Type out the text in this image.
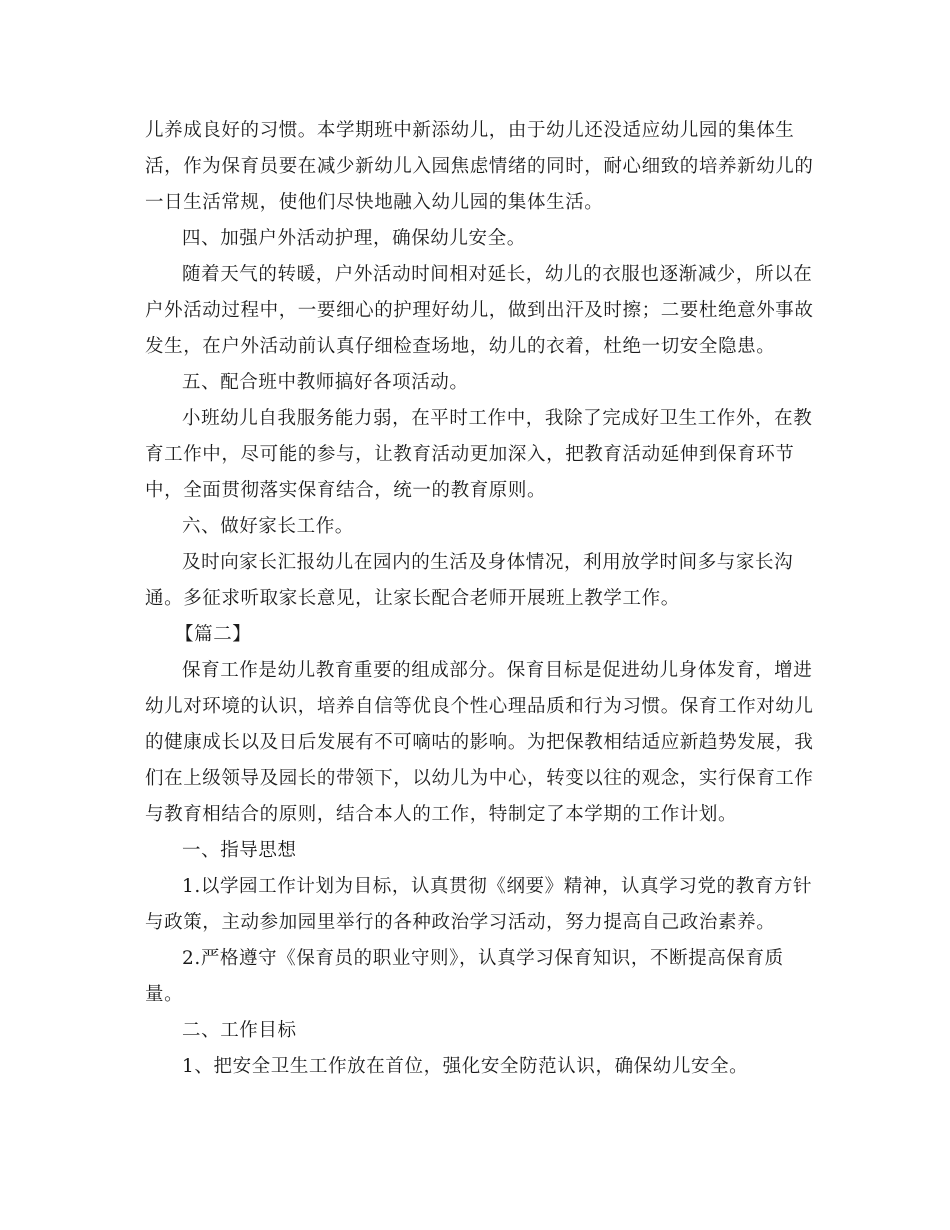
儿养成良好的习惯。本学期班中新添幼儿，由于幼儿还没适应幼儿园的集体生
活，作为保育员要在减少新幼儿入园焦虑情绪的同时，耐心细致的培养新幼儿的
一日生活常规，使他们尽快地融入幼儿园的集体生活。
四、加强户外活动护理，确保幼儿安全。
随着天气的转暖，户外活动时间相对延长，幼儿的衣服也逐渐减少，所以在
户外活动过程中，一要细心的护理好幼儿，做到出汗及时擦；二要杜绝意外事故
发生，在户外活动前认真仔细检查场地，幼儿的衣着，杜绝一切安全隐患。
五、配合班中教师搞好各项活动。
小班幼儿自我服务能力弱，在平时工作中，我除了完成好卫生工作外，在教
育工作中，尽可能的参与，让教育活动更加深入，把教育活动延伸到保育环节
中，全面贯彻落实保育结合，统一的教育原则。
六、做好家长工作。
及时向家长汇报幼儿在园内的生活及身体情况，利用放学时间多与家长沟
通。多征求听取家长意见，让家长配合老师开展班上教学工作。
【篇二】
保育工作是幼儿教育重要的组成部分。保育目标是促进幼儿身体发育，增进
幼儿对环境的认识，培养自信等优良个性心理品质和行为习惯。保育工作对幼儿
的健康成长以及日后发展有不可嘀咕的影响。为把保教相结适应新趋势发展，我
们在上级领导及园长的带领下，以幼儿为中心，转变以往的观念，实行保育工作
与教育相结合的原则，结合本人的工作，特制定了本学期的工作计划。
一、指导思想
1.以学园工作计划为目标，认真贯彻《纲要》精神，认真学习党的教育方针
与政策，主动参加园里举行的各种政治学习活动，努力提高自己政治素养。
2.严格遵守《保育员的职业守则》，认真学习保育知识，不断提高保育质
量。
二、工作目标
1、把安全卫生工作放在首位，强化安全防范认识，确保幼儿安全。
